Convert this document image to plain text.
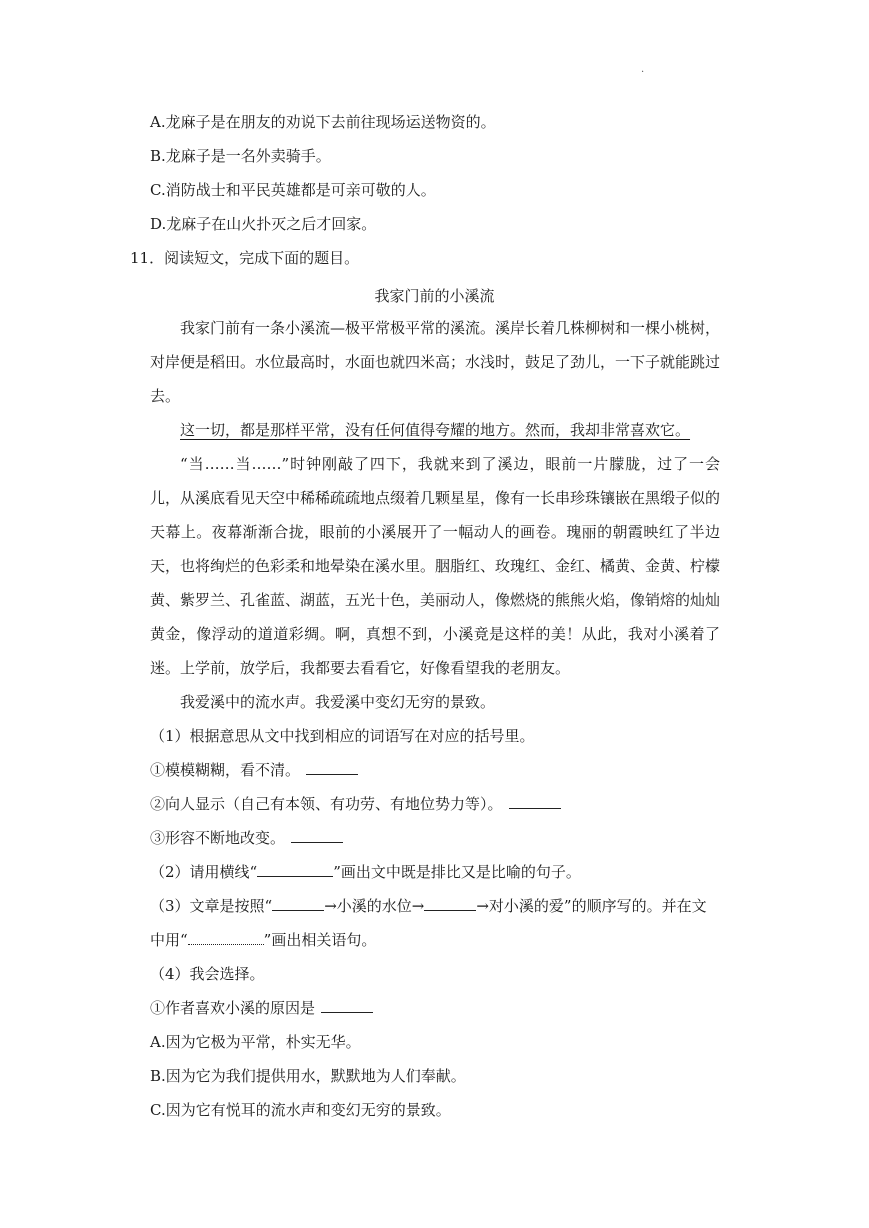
.
A.龙麻子是在朋友的劝说下去前往现场运送物资的。
B.龙麻子是一名外卖骑手。
C.消防战士和平民英雄都是可亲可敬的人。
D.龙麻子在山火扑灭之后才回家。
11．阅读短文，完成下面的题目。
我家门前的小溪流
我家门前有一条小溪流—极平常极平常的溪流。溪岸长着几株柳树和一棵小桃树，对岸便是稻田。水位最高时，水面也就四米高；水浅时，鼓足了劲儿，一下子就能跳过去。
这一切，都是那样平常，没有任何值得夸耀的地方。然而，我却非常喜欢它。
“当……当……”时钟刚敲了四下，我就来到了溪边，眼前一片朦胧，过了一会儿，从溪底看见天空中稀稀疏疏地点缀着几颗星星，像有一长串珍珠镶嵌在黑缎子似的天幕上。夜幕渐渐合拢，眼前的小溪展开了一幅动人的画卷。瑰丽的朝霞映红了半边天，也将绚烂的色彩柔和地晕染在溪水里。胭脂红、玫瑰红、金红、橘黄、金黄、柠檬黄、紫罗兰、孔雀蓝、湖蓝，五光十色，美丽动人，像燃烧的熊熊火焰，像销熔的灿灿黄金，像浮动的道道彩绸。啊，真想不到，小溪竟是这样的美！从此，我对小溪着了迷。上学前，放学后，我都要去看看它，好像看望我的老朋友。
我爱溪中的流水声。我爱溪中变幻无穷的景致。
（1）根据意思从文中找到相应的词语写在对应的括号里。
①模模糊糊，看不清。
②向人显示（自己有本领、有功劳、有地位势力等）。
③形容不断地改变。
（2）请用横线“	”画出文中既是排比又是比喻的句子。
（3）文章是按照“	→小溪的水位→	→对小溪的爱”的顺序写的。并在文
中用“	”画出相关语句。
（4）我会选择。
①作者喜欢小溪的原因是
A.因为它极为平常，朴实无华。
B.因为它为我们提供用水，默默地为人们奉献。
C.因为它有悦耳的流水声和变幻无穷的景致。
